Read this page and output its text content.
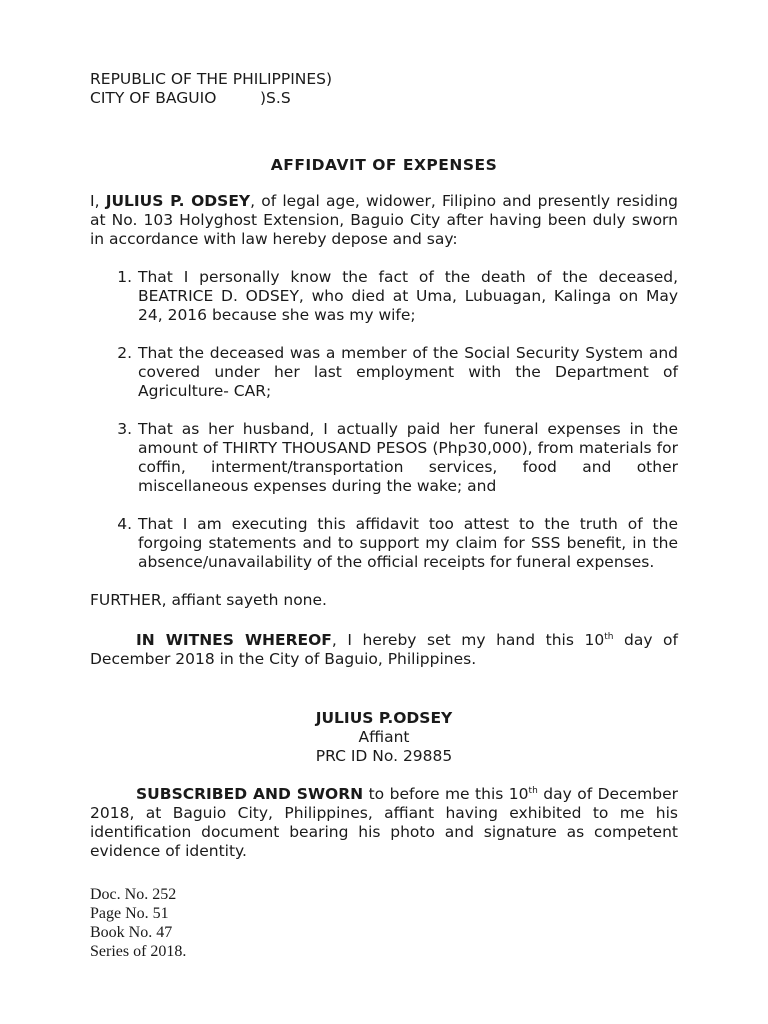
REPUBLIC OF THE PHILIPPINES)

CITY OF BAGUIO	)S.S

AFFIDAVIT OF EXPENSES

I, JULIUS P. ODSEY, of legal age, widower, Filipino and presently residing at No. 103 Holyghost Extension, Baguio City after having been duly sworn in accordance with law hereby depose and say:

1. That I personally know the fact of the death of the deceased, BEATRICE D. ODSEY, who died at Uma, Lubuagan, Kalinga on May 24, 2016 because she was my wife;
2. That the deceased was a member of the Social Security System and covered under her last employment with the Department of Agriculture- CAR;
3. That as her husband, I actually paid her funeral expenses in the amount of THIRTY THOUSAND PESOS (Php30,000), from materials for coffin, interment/transportation services, food and other miscellaneous expenses during the wake; and
4. That I am executing this affidavit too attest to the truth of the forgoing statements and to support my claim for SSS benefit, in the absence/unavailability of the official receipts for funeral expenses.

FURTHER, affiant sayeth none.

IN WITNES WHEREOF, I hereby set my hand this 10th day of December 2018 in the City of Baguio, Philippines.

JULIUS P.ODSEY
Affiant
PRC ID No. 29885

SUBSCRIBED AND SWORN to before me this 10th day of December 2018, at Baguio City, Philippines, affiant having exhibited to me his identification document bearing his photo and signature as competent evidence of identity.

Doc. No. 252
Page No. 51
Book No. 47
Series of 2018.
